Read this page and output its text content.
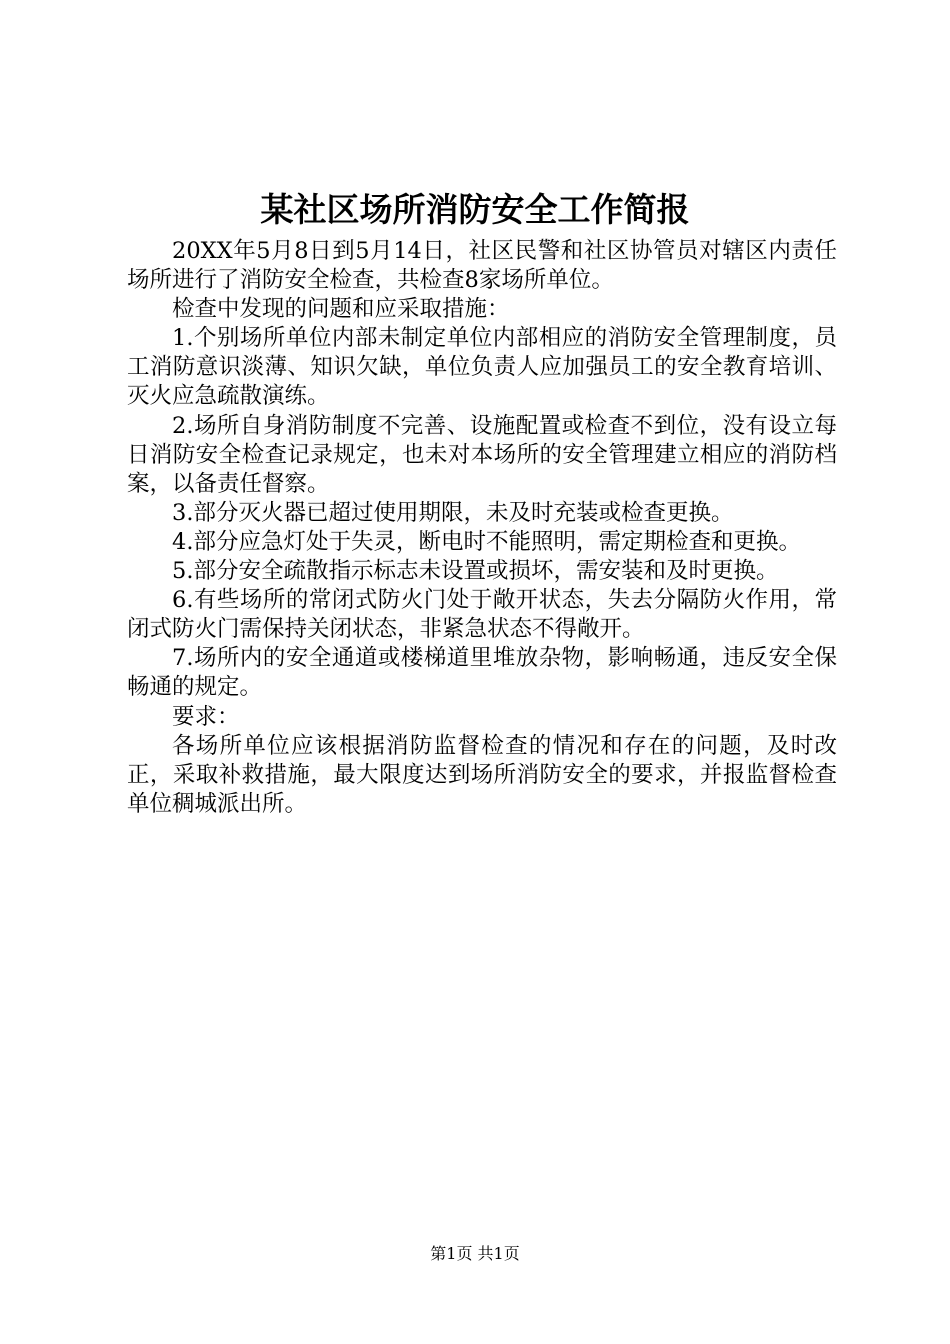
某社区场所消防安全工作简报

20XX年5月8日到5月14日，社区民警和社区协管员对辖区内责任场所进行了消防安全检查，共检查8家场所单位。

检查中发现的问题和应采取措施：

1.个别场所单位内部未制定单位内部相应的消防安全管理制度，员工消防意识淡薄、知识欠缺，单位负责人应加强员工的安全教育培训、灭火应急疏散演练。

2.场所自身消防制度不完善、设施配置或检查不到位，没有设立每日消防安全检查记录规定，也未对本场所的安全管理建立相应的消防档案，以备责任督察。

3.部分灭火器已超过使用期限，未及时充装或检查更换。

4.部分应急灯处于失灵，断电时不能照明，需定期检查和更换。

5.部分安全疏散指示标志未设置或损坏，需安装和及时更换。

6.有些场所的常闭式防火门处于敞开状态，失去分隔防火作用，常闭式防火门需保持关闭状态，非紧急状态不得敞开。

7.场所内的安全通道或楼梯道里堆放杂物，影响畅通，违反安全保畅通的规定。

要求：

各场所单位应该根据消防监督检查的情况和存在的问题，及时改正，采取补救措施，最大限度达到场所消防安全的要求，并报监督检查单位稠城派出所。

第1页 共1页
